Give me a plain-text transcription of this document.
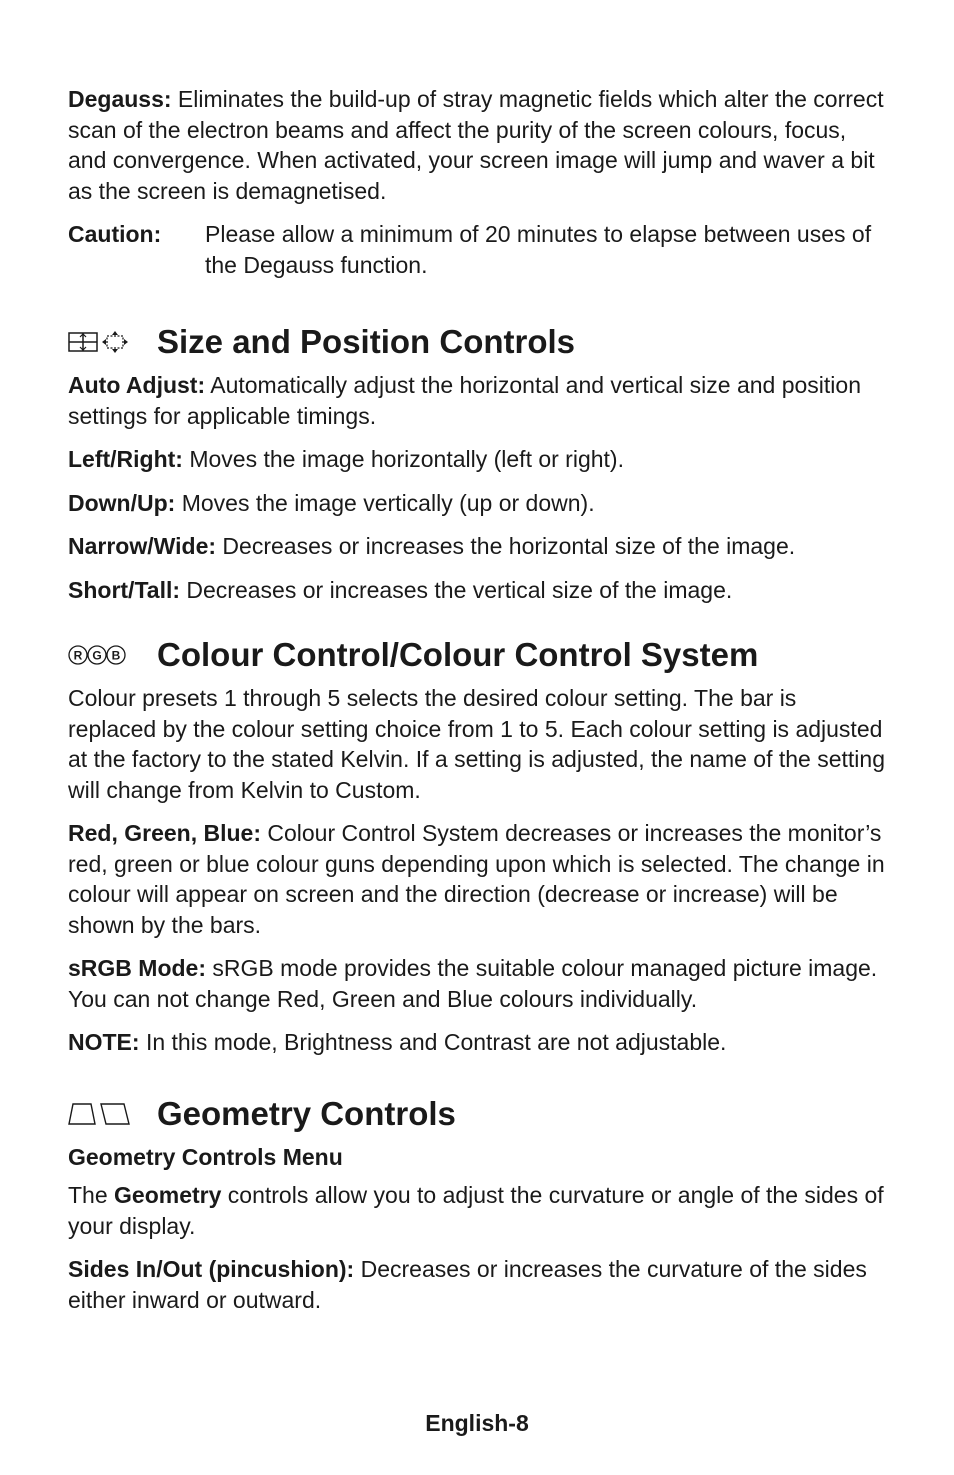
Degauss: Eliminates the build-up of stray magnetic fields which alter the correct scan of the electron beams and affect the purity of the screen colours, focus, and convergence. When activated, your screen image will jump and waver a bit as the screen is demagnetised.

Caution:	Please allow a minimum of 20 minutes to elapse between uses of the Degauss function.
Size and Position Controls

Auto Adjust: Automatically adjust the horizontal and vertical size and position settings for applicable timings.

Left/Right: Moves the image horizontally (left or right).

Down/Up: Moves the image vertically (up or down).

Narrow/Wide: Decreases or increases the horizontal size of the image.

Short/Tall: Decreases or increases the vertical size of the image.

R G B Colour Control/Colour Control System

Colour presets 1 through 5 selects the desired colour setting. The bar is replaced by the colour setting choice from 1 to 5. Each colour setting is adjusted at the factory to the stated Kelvin. If a setting is adjusted, the name of the setting will change from Kelvin to Custom.

Red, Green, Blue: Colour Control System decreases or increases the monitor’s red, green or blue colour guns depending upon which is selected. The change in colour will appear on screen and the direction (decrease or increase) will be shown by the bars.

sRGB Mode: sRGB mode provides the suitable colour managed picture image. You can not change Red, Green and Blue colours individually.

NOTE: In this mode, Brightness and Contrast are not adjustable.

Geometry Controls

Geometry Controls Menu

The Geometry controls allow you to adjust the curvature or angle of the sides of your display.

Sides In/Out (pincushion): Decreases or increases the curvature of the sides either inward or outward.

English-8
